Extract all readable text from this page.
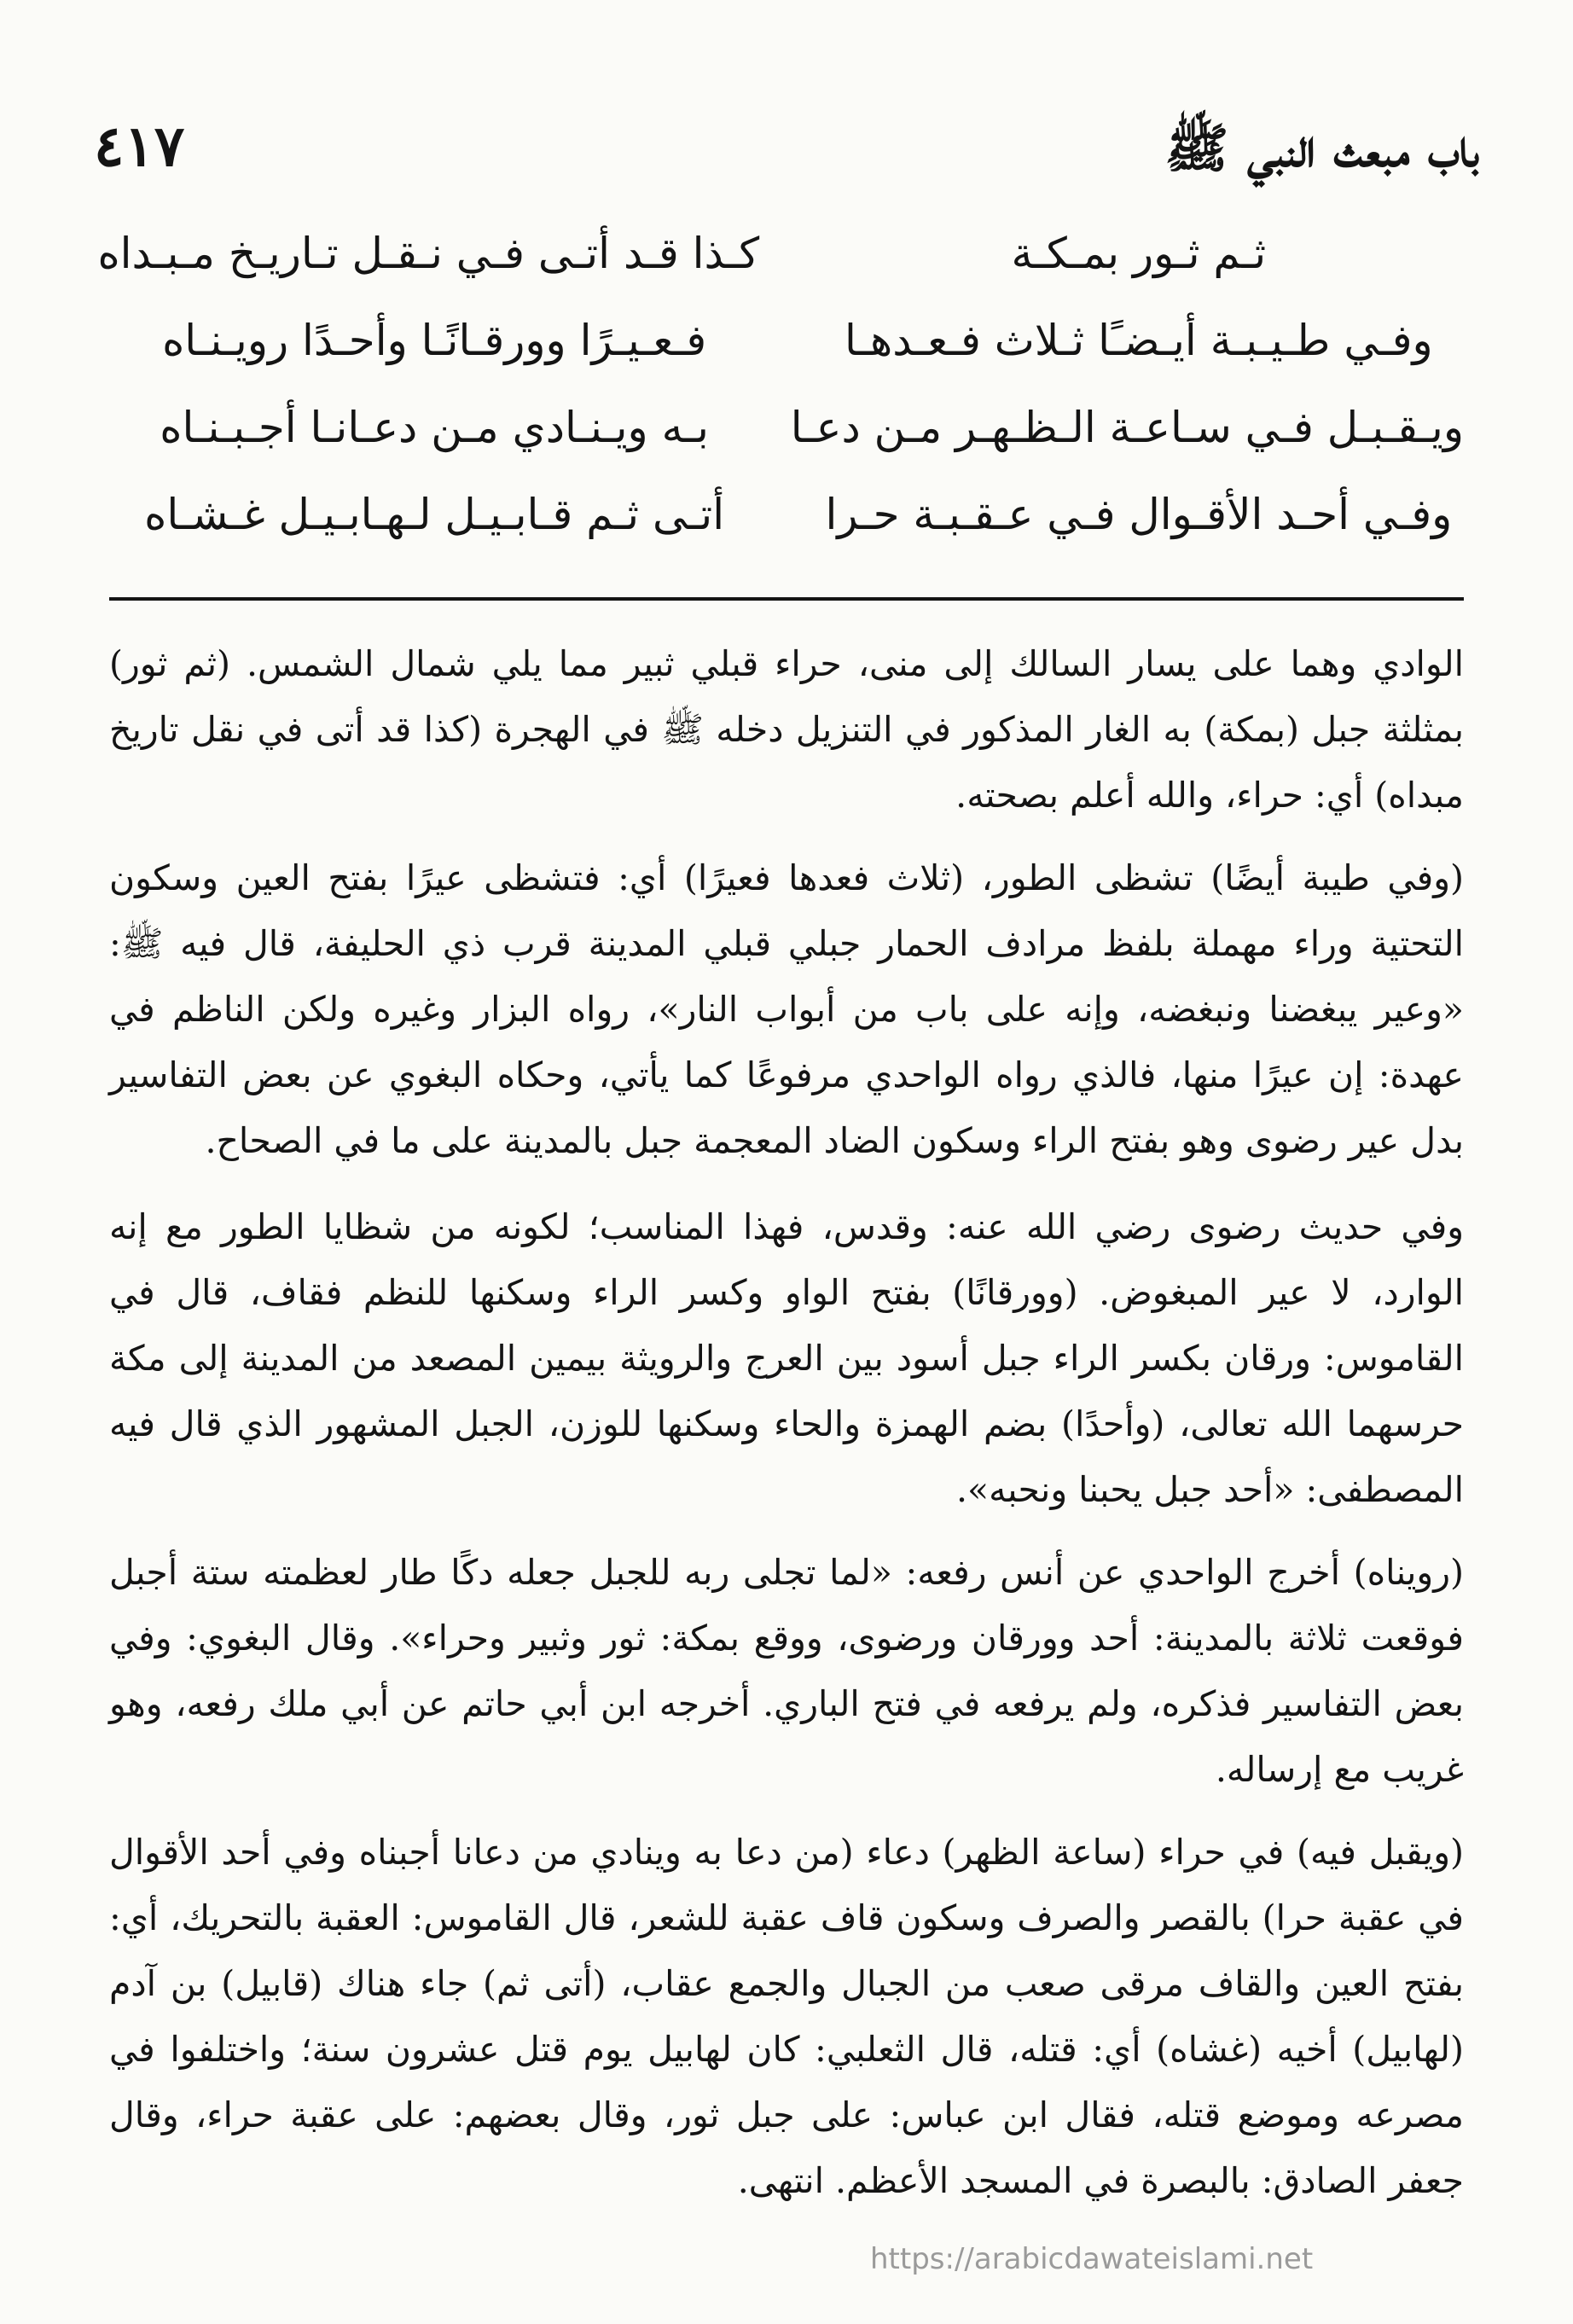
باب مبعث النبي ﷺ
٤١٧
ثـم ثـور بمـكـة
كـذا قـد أتـى فـي نـقـل تـاريـخ مـبـداه
وفـي طـيـبـة أيـضـًا ثـلاث فـعـدهـا
فـعـيـرًا وورقـانًـا وأحـدًا رويـنـاه
ويـقـبـل فـي سـاعـة الـظـهـر مـن دعـا
بـه ويـنـادي مـن دعـانـا أجـبـنـاه
وفـي أحـد الأقـوال فـي عـقـبـة حـرا
أتـى ثـم قـابـيـل لـهـابـيـل غـشـاه

الوادي وهما على يسار السالك إلى منى، حراء قبلي ثبير مما يلي شمال الشمس. (ثم ثور) بمثلثة جبل (بمكة) به الغار المذكور في التنزيل دخله ﷺ في الهجرة (كذا قد أتى في نقل تاريخ مبداه) أي: حراء، والله أعلم بصحته.

(وفي طيبة أيضًا) تشظى الطور، (ثلاث فعدها فعيرًا) أي: فتشظى عيرًا بفتح العين وسكون التحتية وراء مهملة بلفظ مرادف الحمار جبلي قبلي المدينة قرب ذي الحليفة، قال فيه ﷺ: «وعير يبغضنا ونبغضه، وإنه على باب من أبواب النار»، رواه البزار وغيره ولكن الناظم في عهدة: إن عيرًا منها، فالذي رواه الواحدي مرفوعًا كما يأتي، وحكاه البغوي عن بعض التفاسير بدل عير رضوى وهو بفتح الراء وسكون الضاد المعجمة جبل بالمدينة على ما في الصحاح.

وفي حديث رضوى رضي الله عنه: وقدس، فهذا المناسب؛ لكونه من شظايا الطور مع إنه الوارد، لا عير المبغوض. (وورقانًا) بفتح الواو وكسر الراء وسكنها للنظم فقاف، قال في القاموس: ورقان بكسر الراء جبل أسود بين العرج والرويثة بيمين المصعد من المدينة إلى مكة حرسهما الله تعالى، (وأحدًا) بضم الهمزة والحاء وسكنها للوزن، الجبل المشهور الذي قال فيه المصطفى: «أحد جبل يحبنا ونحبه».

(رويناه) أخرج الواحدي عن أنس رفعه: «لما تجلى ربه للجبل جعله دكًا طار لعظمته ستة أجبل فوقعت ثلاثة بالمدينة: أحد وورقان ورضوى، ووقع بمكة: ثور وثبير وحراء». وقال البغوي: وفي بعض التفاسير فذكره، ولم يرفعه في فتح الباري. أخرجه ابن أبي حاتم عن أبي ملك رفعه، وهو غريب مع إرساله.

(ويقبل فيه) في حراء (ساعة الظهر) دعاء (من دعا به وينادي من دعانا أجبناه وفي أحد الأقوال في عقبة حرا) بالقصر والصرف وسكون قاف عقبة للشعر، قال القاموس: العقبة بالتحريك، أي: بفتح العين والقاف مرقى صعب من الجبال والجمع عقاب، (أتى ثم) جاء هناك (قابيل) بن آدم (لهابيل) أخيه (غشاه) أي: قتله، قال الثعلبي: كان لهابيل يوم قتل عشرون سنة؛ واختلفوا في مصرعه وموضع قتله، فقال ابن عباس: على جبل ثور، وقال بعضهم: على عقبة حراء، وقال جعفر الصادق: بالبصرة في المسجد الأعظم. انتهى.

https://arabicdawateislami.net
